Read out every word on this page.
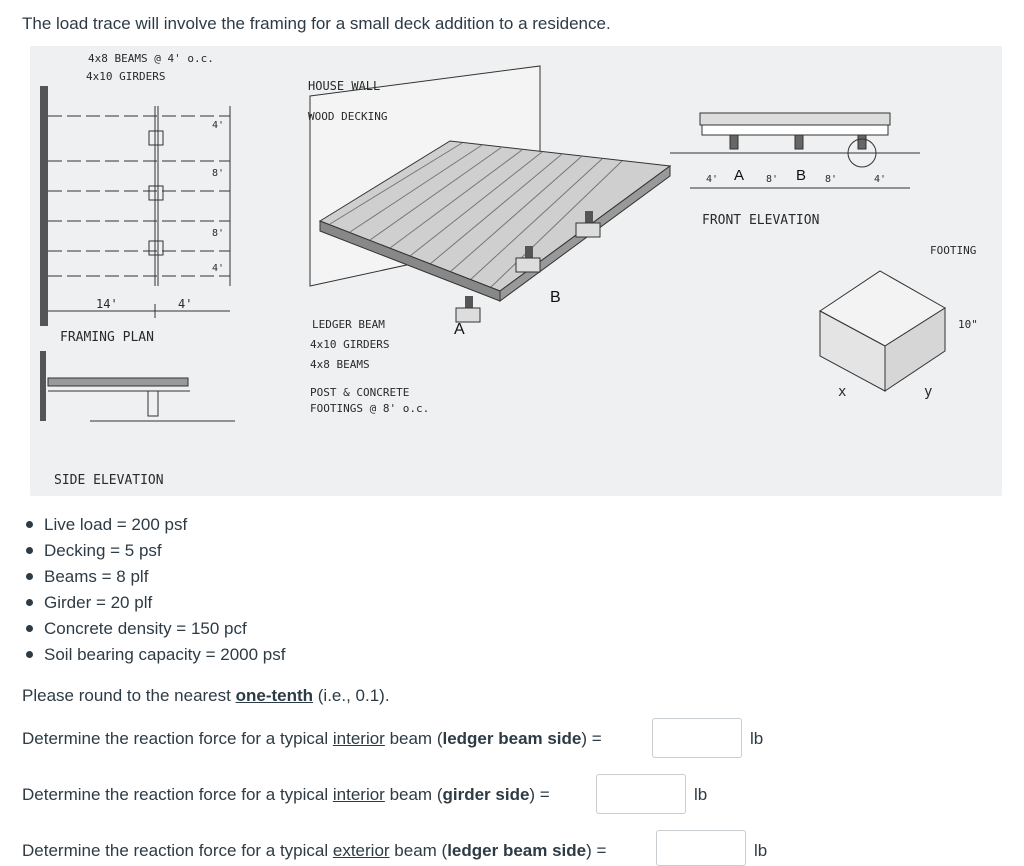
The load trace will involve the framing for a small deck addition to a residence.
4x8 BEAMS @ 4' o.c.
4x10 GIRDERS
14'	4'
4'
8'
8'
4'
FRAMING PLAN
SIDE ELEVATION
HOUSE WALL
WOOD DECKING
LEDGER BEAM
4x10 GIRDERS
4x8 BEAMS
POST & CONCRETE
FOOTINGS @ 8' o.c.
A
B
4' A 8' B 8'	4'
FRONT ELEVATION
FOOTING
10"
x	y
Live load = 200 psf
Decking = 5 psf
Beams = 8 plf
Girder = 20 plf
Concrete density = 150 pcf
Soil bearing capacity = 2000 psf
Please round to the nearest one-tenth (i.e., 0.1).
Determine the reaction force for a typical interior beam (ledger beam side) =	lb
Determine the reaction force for a typical interior beam (girder side) =	lb
Determine the reaction force for a typical exterior beam (ledger beam side) =	lb
